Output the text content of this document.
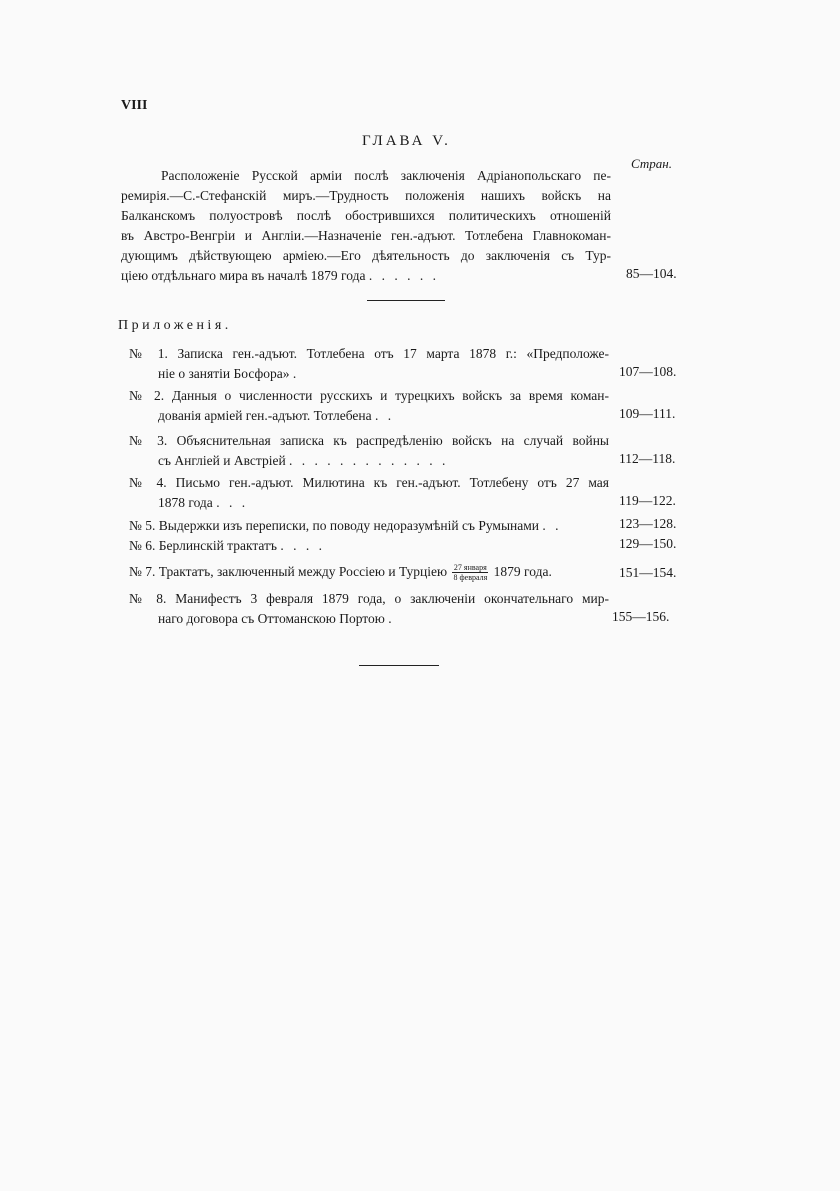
VIII
ГЛАВА V.
Стран.
Расположеніе Русской арміи послѣ заключенія Адріанопольскаго пе-
ремирія.—С.-Стефанскій миръ.—Трудность положенія нашихъ войскъ на
Балканскомъ полуостровѣ послѣ обострившихся политическихъ отношеній
въ Австро-Венгріи и Англіи.—Назначеніе ген.-адъют. Тотлебена Главнокоман-
дующимъ дѣйствующею арміею.—Его дѣятельность до заключенія съ Тур-
ціею отдѣльнаго мира въ началѣ 1879 года . . . . . .	85—104.
Приложенія.
№ 1. Записка ген.-адъют. Тотлебена отъ 17 марта 1878 г.: «Предположе-
ніе о занятіи Босфора» .	107—108.
№ 2. Данныя о численности русскихъ и турецкихъ войскъ за время коман-
дованія арміей ген.-адъют. Тотлебена . .	109—111.
№ 3. Объяснительная записка къ распредѣленію войскъ на случай войны
съ Англіей и Австріей . . . . . . . . . . . . .	112—118.
№ 4. Письмо ген.-адъют. Милютина къ ген.-адъют. Тотлебену отъ 27 мая
1878 года . . .	119—122.
№ 5. Выдержки изъ переписки, по поводу недоразумѣній съ Румынами . .	123—128.
№ 6. Берлинскій трактатъ . . . .	129—150.
№ 7. Трактатъ, заключенный между Россіею и Турціею $\frac{\text{27 января}}{\text{8 февраля}} 1879$ года.	151—154.
№ 8. Манифестъ 3 февраля 1879 года, о заключеніи окончательнаго мир-
наго договора съ Оттоманскою Портою .	155—156.
